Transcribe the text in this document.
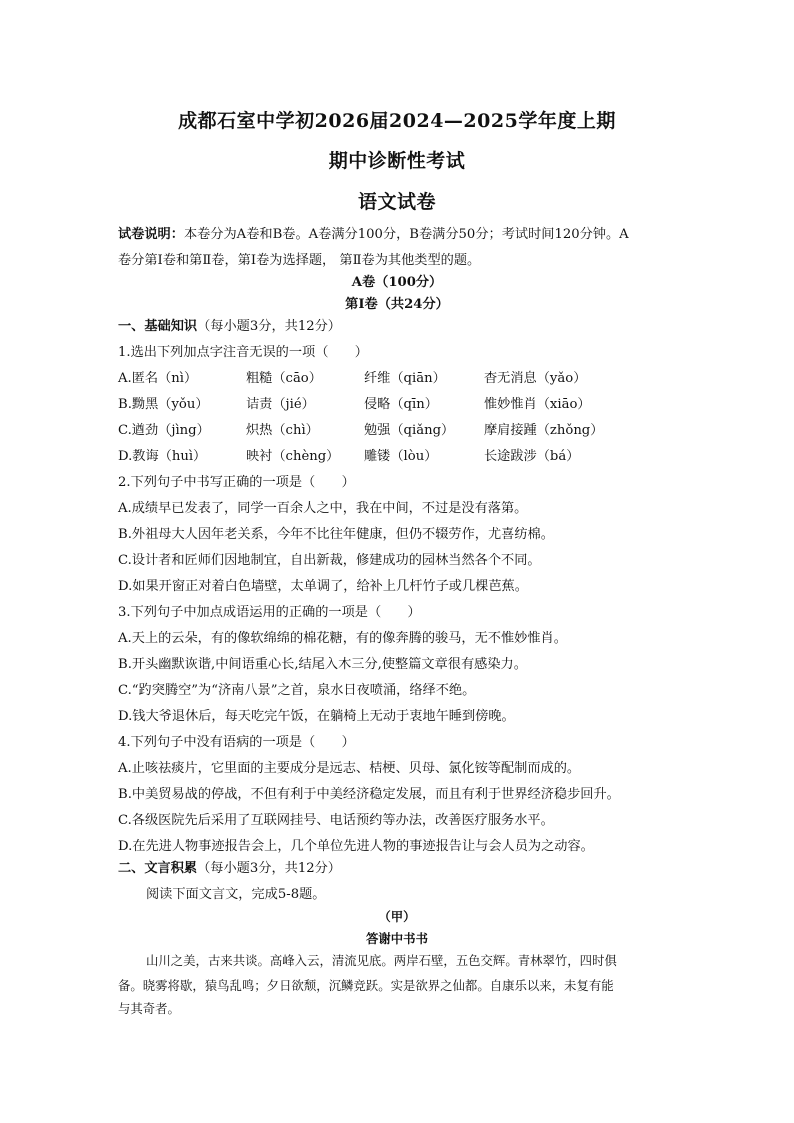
成都石室中学初2026届2024—2025学年度上期
期中诊断性考试
语文试卷
试卷说明：本卷分为A卷和B卷。A卷满分100分，B卷满分50分；考试时间120分钟。A
卷分第Ⅰ卷和第Ⅱ卷，第Ⅰ卷为选择题， 第Ⅱ卷为其他类型的题。
A卷（100分）
第Ⅰ卷（共24分）
一、基础知识（每小题3分，共12分）
1.选出下列加点字注音无误的一项（　　）
A.匿名（nì）	粗糙（cāo）	纤维（qiān）	杳无消息（yǎo）
B.黝黑（yǒu）	诘责（jié）	侵略（qīn）	惟妙惟肖（xiāo）
C.遒劲（jìng）	炽热（chì）	勉强（qiǎng） 摩肩接踵（zhǒng）
D.教诲（huì）	映衬（chèng） 雕镂（lòu）	长途跋涉（bá）
2.下列句子中书写正确的一项是（　　）
A.成绩早已发表了，同学一百余人之中，我在中间，不过是没有落第。
B.外祖母大人因年老关系，今年不比往年健康，但仍不辍劳作，尤喜纺棉。
C.设计者和匠师们因地制宜，自出新裁，修建成功的园林当然各个不同。
D.如果开窗正对着白色墙壁，太单调了，给补上几杆竹子或几棵芭蕉。
3.下列句子中加点成语运用的正确的一项是（　　）
A.天上的云朵，有的像软绵绵的棉花糖，有的像奔腾的骏马，无不惟妙惟肖。
B.开头幽默诙谐,中间语重心长,结尾入木三分,使整篇文章很有感染力。
C.“趵突腾空”为“济南八景”之首，泉水日夜喷涌，络绎不绝。
D.钱大爷退休后，每天吃完午饭，在躺椅上无动于衷地午睡到傍晚。
4.下列句子中没有语病的一项是（　　）
A.止咳祛痰片，它里面的主要成分是远志、桔梗、贝母、氯化铵等配制而成的。
B.中美贸易战的停战，不但有利于中美经济稳定发展，而且有利于世界经济稳步回升。
C.各级医院先后采用了互联网挂号、电话预约等办法，改善医疗服务水平。
D.在先进人物事迹报告会上，几个单位先进人物的事迹报告让与会人员为之动容。
二、文言积累（每小题3分，共12分）
阅读下面文言文，完成5-8题。
（甲）
答谢中书书
山川之美，古来共谈。高峰入云，清流见底。两岸石壁，五色交辉。青林翠竹，四时俱
备。晓雾将歇，猿鸟乱鸣；夕日欲颓，沉鳞竞跃。实是欲界之仙都。自康乐以来，未复有能
与其奇者。
